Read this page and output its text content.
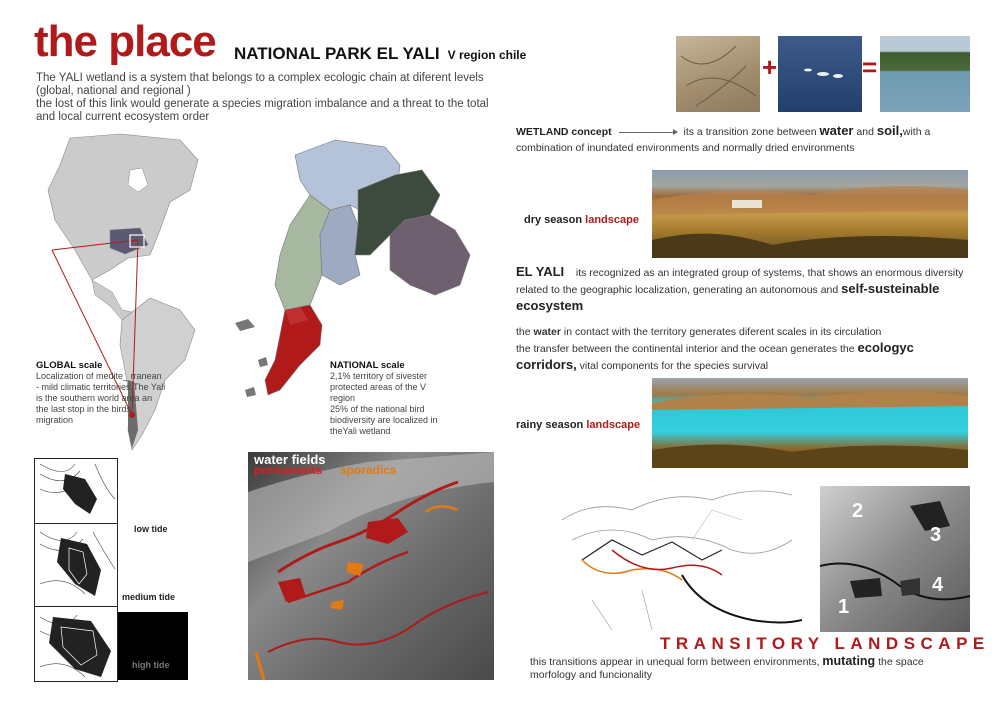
the place NATIONAL PARK EL YALI V region chile

The YALI wetland is a system that belongs to a complex ecologic chain at diferent levels (global, national and regional )

the lost of this link would generate a species migration imbalance and a threat to the total and local current ecosystem order

GLOBAL scale
Localization of medite_ rranean - mild climatic territories.The Yali is the southern world area an the last stop in the birds migration
NATIONAL scale
2,1% territory of sivester protected areas of the V region
25% of the national bird biodiversity are localized in theYali wetland
low tide
medium tide
high tide
water fields
permanents sporadics
+	=
WETLAND concept	its a transition zone between water and soil,with a combination of inundated environments and normally dried environments
dry season landscape
EL YALI its recognized as an integrated group of systems, that shows an enormous diversity related to the geographic localization, generating an autonomous and self-susteinable ecosystem
the water in contact with the territory generates diferent scales in its circulation
the transfer between the continental interior and the ocean generates the ecologyc corridors, vital components for the species survival
rainy season landscape
2
3
4
1
TRANSITORY LANDSCAPE
this transitions appear in unequal form between environments, mutating the space morfology and funcionality
